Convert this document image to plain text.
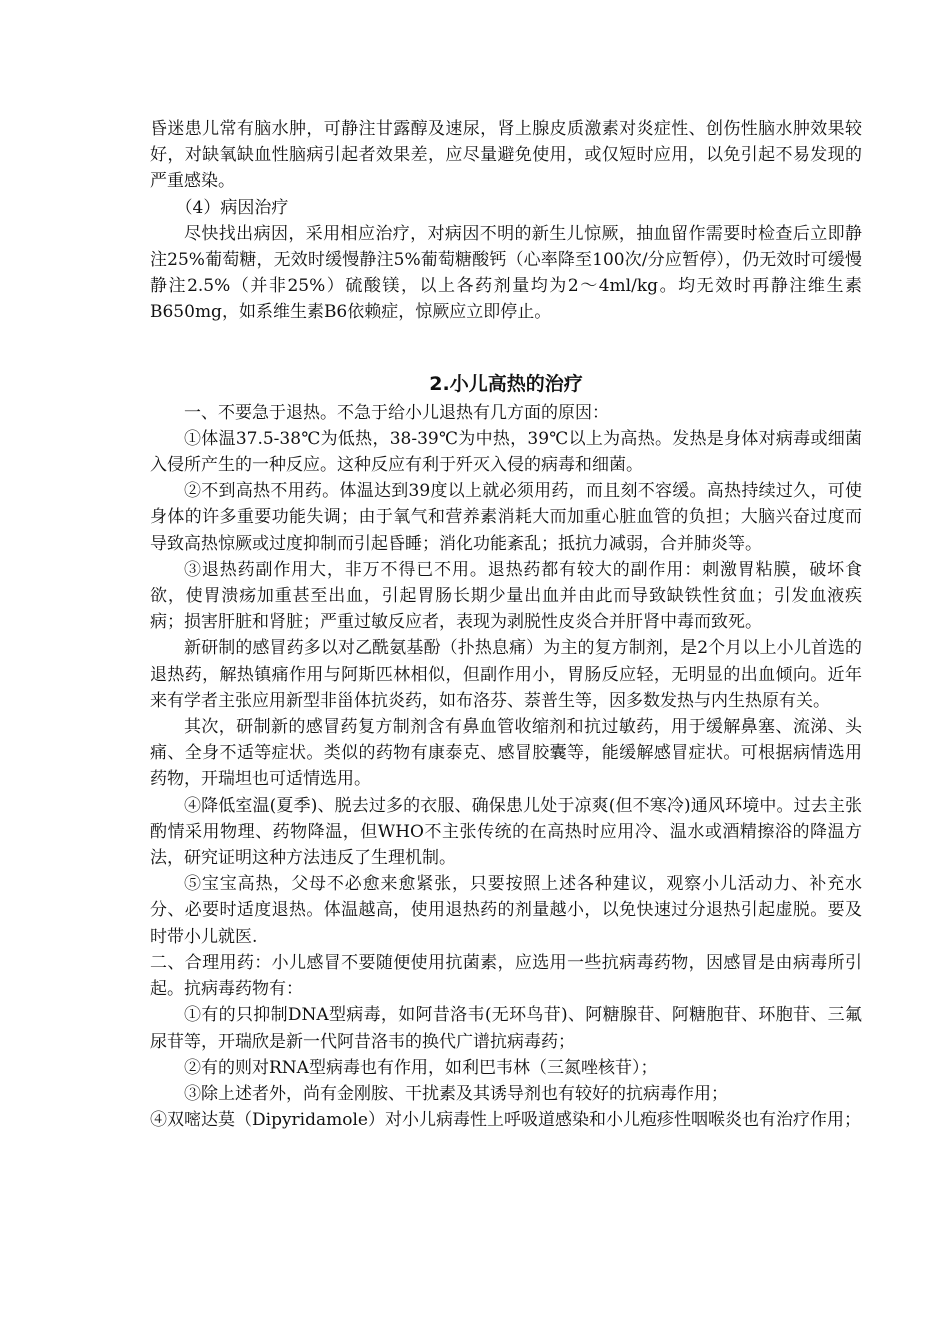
昏迷患儿常有脑水肿，可静注甘露醇及速尿，肾上腺皮质激素对炎症性、创伤性脑水肿效果较好，对缺氧缺血性脑病引起者效果差，应尽量避免使用，或仅短时应用，以免引起不易发现的严重感染。

（4）病因治疗

尽快找出病因，采用相应治疗，对病因不明的新生儿惊厥，抽血留作需要时检查后立即静注25%葡萄糖，无效时缓慢静注5%葡萄糖酸钙（心率降至100次/分应暂停），仍无效时可缓慢静注2.5%（并非25%）硫酸镁，以上各药剂量均为2～4ml/kg。均无效时再静注维生素B650mg，如系维生素B6依赖症，惊厥应立即停止。

2.小儿高热的治疗

一、不要急于退热。不急于给小儿退热有几方面的原因：

①体温37.5-38℃为低热，38-39℃为中热，39℃以上为高热。发热是身体对病毒或细菌入侵所产生的一种反应。这种反应有利于歼灭入侵的病毒和细菌。

②不到高热不用药。体温达到39度以上就必须用药，而且刻不容缓。高热持续过久，可使身体的许多重要功能失调；由于氧气和营养素消耗大而加重心脏血管的负担；大脑兴奋过度而导致高热惊厥或过度抑制而引起昏睡；消化功能紊乱；抵抗力减弱，合并肺炎等。

③退热药副作用大，非万不得已不用。退热药都有较大的副作用：刺激胃粘膜，破坏食欲，使胃溃疡加重甚至出血，引起胃肠长期少量出血并由此而导致缺铁性贫血；引发血液疾病；损害肝脏和肾脏；严重过敏反应者，表现为剥脱性皮炎合并肝肾中毒而致死。

新研制的感冒药多以对乙酰氨基酚（扑热息痛）为主的复方制剂，是2个月以上小儿首选的退热药，解热镇痛作用与阿斯匹林相似，但副作用小，胃肠反应轻，无明显的出血倾向。近年来有学者主张应用新型非甾体抗炎药，如布洛芬、萘普生等，因多数发热与内生热原有关。

其次，研制新的感冒药复方制剂含有鼻血管收缩剂和抗过敏药，用于缓解鼻塞、流涕、头痛、全身不适等症状。类似的药物有康泰克、感冒胶囊等，能缓解感冒症状。可根据病情选用药物，开瑞坦也可适情选用。

④降低室温(夏季)、脱去过多的衣服、确保患儿处于凉爽(但不寒冷)通风环境中。过去主张酌情采用物理、药物降温，但WHO不主张传统的在高热时应用冷、温水或酒精擦浴的降温方法，研究证明这种方法违反了生理机制。

⑤宝宝高热，父母不必愈来愈紧张，只要按照上述各种建议，观察小儿活动力、补充水分、必要时适度退热。体温越高，使用退热药的剂量越小，以免快速过分退热引起虚脱。要及时带小儿就医.

二、合理用药：小儿感冒不要随便使用抗菌素，应选用一些抗病毒药物，因感冒是由病毒所引起。抗病毒药物有：

①有的只抑制DNA型病毒，如阿昔洛韦(无环鸟苷)、阿糖腺苷、阿糖胞苷、环胞苷、三氟尿苷等，开瑞欣是新一代阿昔洛韦的换代广谱抗病毒药；

②有的则对RNA型病毒也有作用，如利巴韦林（三氮唑核苷）；

③除上述者外，尚有金刚胺、干扰素及其诱导剂也有较好的抗病毒作用；

④双嘧达莫（Dipyridamole）对小儿病毒性上呼吸道感染和小儿疱疹性咽喉炎也有治疗作用；
